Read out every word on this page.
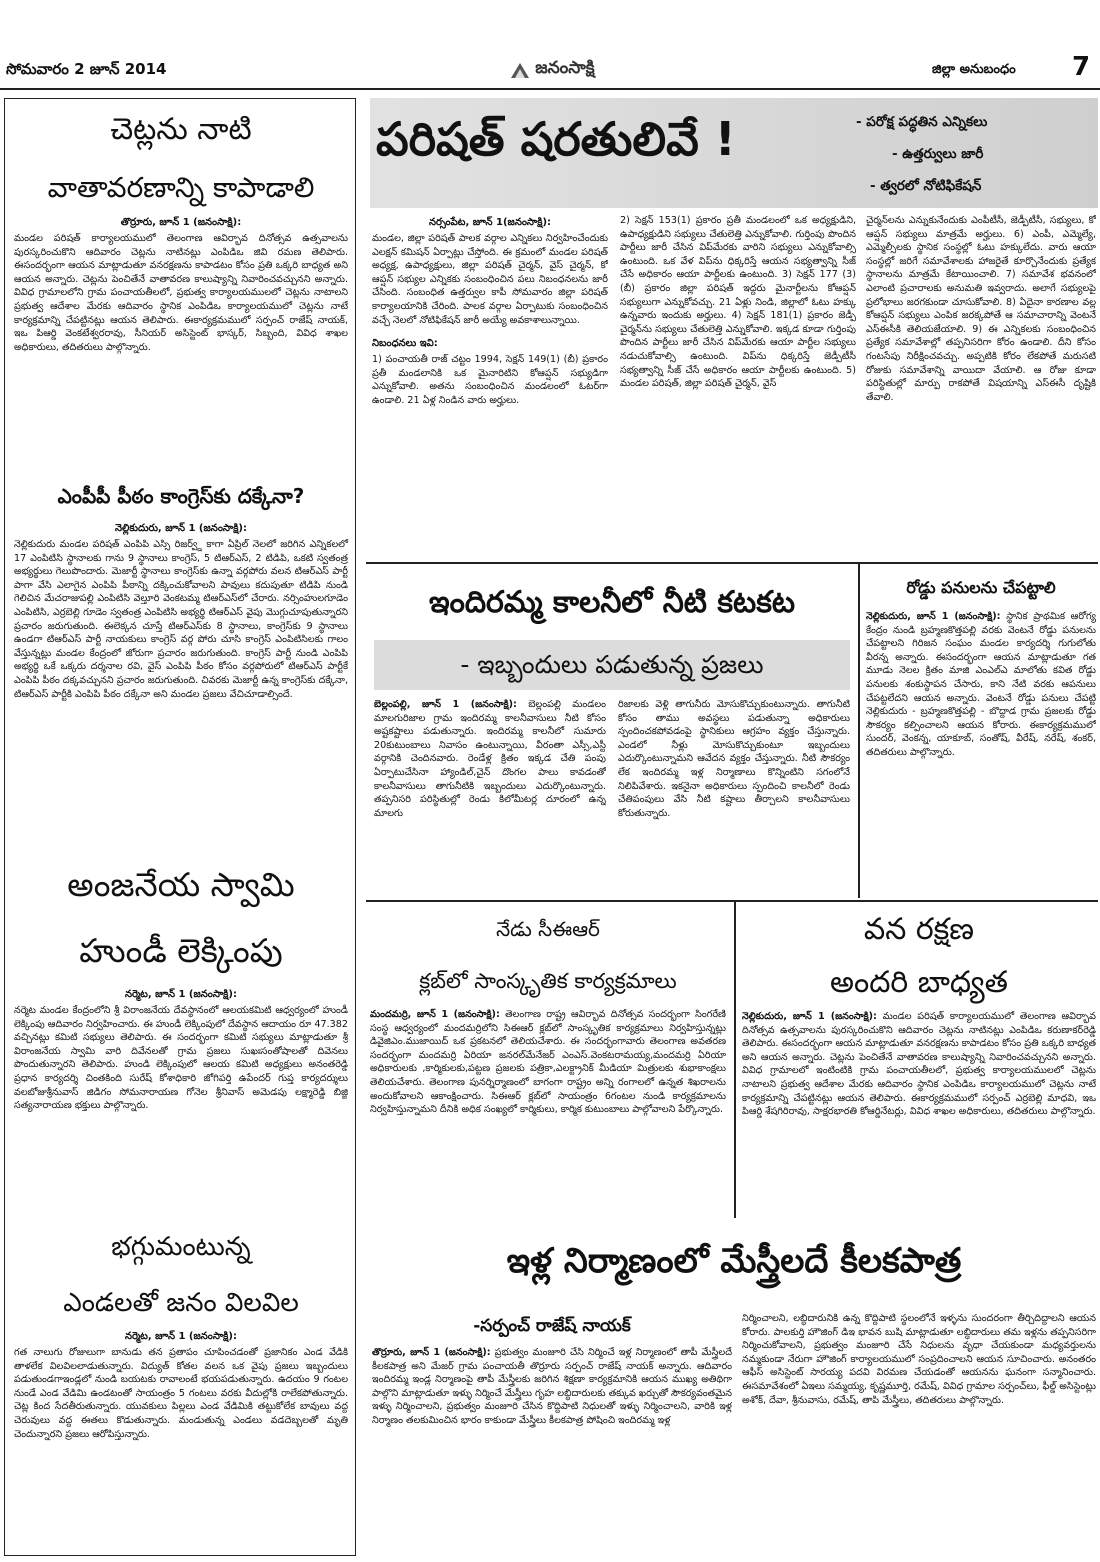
సోమవారం 2 జూన్ 2014	జనంసాక్షి	జిల్లా అనుబంధం 7
చెట్లను నాటి
వాతావరణాన్ని కాపాడాలి
తొర్రూరు, జూన్ 1 (జనంసాక్షి):
మండల పరిషత్ కార్యాలయములో తెలంగాణ ఆవిర్భావ దినోత్సవ ఉత్సవాలను పురస్కరించుకొని ఆదివారం చెట్లను నాటినట్లు ఎంపిడిఒ జివి రమణ తెలిపారు. ఈసందర్భంగా ఆయన మాట్లాడుతూ వనరక్షణను కాపాడటం కోసం ప్రతి ఒక్కరి బాధ్యత అని ఆయన అన్నారు. చెట్లను పెంచితేనే వాతావరణ కాలుష్యాన్ని నివారించవచ్చునని అన్నారు. వివిధ గ్రామాలలోని గ్రామ పంచాయతీలలో, ప్రభుత్వ కార్యాలయములలో చెట్లను నాటాలని ప్రభుత్వ ఆదేశాల మేరకు ఆదివారం స్థానిక ఎంపిడిఒ కార్యాలయములో చెట్లను నాటే కార్యక్రమాన్ని చేపట్టినట్లు ఆయన తెలిపారు. ఈకార్యక్రమములో సర్పంచ్ రాజేష్ నాయక్, ఇఒ పిఆర్డి వెంకటేశ్వరరావు, సీనియర్ అసిస్టెంట్ భాస్కర్, సిబ్బంది, వివిధ శాఖల అధికారులు, తదితరులు పాల్గొన్నారు.
ఎంపీపీ పీఠం కాంగ్రెస్‌కు దక్కేనా?
నెల్లికుదురు, జూన్ 1 (జనంసాక్షి):
నెల్లికుదురు మండల పరిషత్ ఎంపిపి ఎస్సి రిజర్వ్డ్ కాగా ఏప్రిల్ నెలలో జరిగిన ఎన్నికలలో 17 ఎంపిటిసి స్థానాలకు గాను 9 స్థానాలు కాంగ్రెస్, 5 టిఆర్ఎస్, 2 టిడిపి, ఒకటి స్వతంత్ర అభ్యర్థులు గెలుపొందారు. మెజార్టీ స్థానాలు కాంగ్రెస్‌కు ఉన్నా వర్గపోరు వలన టిఆర్ఎస్ పార్టీ పాగా వేసి ఎలాగైన ఎంపిపి పీఠాన్ని దక్కించుకోవాలని పావులు కదుపుతూ టిడిపి నుండి గెలిచిన మేచరాజుపల్లి ఎంపిటిసి వెల్తూరి వెంకటమ్మ టిఆర్ఎస్‌లో చేరారు. నర్సింహులగూడెం ఎంపిటిసి, ఎర్రబెల్లి గూడెం స్వతంత్ర ఎంపిటిసి అభ్యర్థి టిఆర్ఎస్ వైపు మొగ్గుచూపుతున్నారని ప్రచారం జరుగుతుంది. ఈలెక్కన చూస్తే టిఆర్ఎస్‌కు 8 స్థానాలు, కాంగ్రెస్‌కు 9 స్థానాలు ఉండగా టిఆర్ఎస్ పార్టీ నాయకులు కాంగ్రెస్ వర్గ పోరు చూసి కాంగ్రెస్ ఎంపిటిసిలకు గాలం వేస్తున్నట్లు మండల కేంద్రంలో జోరుగా ప్రచారం జరుగుతుంది. కాంగ్రెస్ పార్టీ నుండి ఎంపిపి అభ్యర్థి ఒకే ఒక్కరు దర్శనాల రవి, వైస్ ఎంపిపి పీఠం కోసం వర్గపోరులో టిఆర్ఎస్ పార్టీకే ఎంపిపి పీఠం దక్కవచ్చునని ప్రచారం జరుగుతుంది. చివరకు మెజార్టీ ఉన్న కాంగ్రెస్‌కు దక్కేనా, టిఆర్ఎస్ పార్టీకి ఎంపిపి పీఠం దక్కేనా అని మండల ప్రజలు వేచిచూడాల్సిందే.
అంజనేయ స్వామి
హుండీ లెక్కింపు
నర్మెట, జూన్ 1 (జనంసాక్షి):
నర్మెట మండల కేంద్రంలోని శ్రీ విరాంజనేయ దేవస్థానంలో ఆలయకమిటి ఆధ్వర్యంలో హుండీ లెక్కింపు ఆదివారం నిర్వహించారు. ఈ హుండీ లెక్కింపులో దేవస్థాన ఆదాయం రూ 47.382 వచ్చినట్లు కమిటి సభ్యులు తెలిపారు. ఈ సందర్భంగా కమిటి సభ్యులు మాట్లాడుతూ శ్రీ విరాంజనేయ స్వామి వారి దివేనలతో గ్రామ ప్రజలు సుఖఃసంతోషాలతో దివెనలు పొందుతున్నారని తెలిపారు. హుండి లెక్కింపులో ఆలయ కమిటి అధ్యక్షులు అనంతరెడ్డి ప్రధాన కార్యదర్శి చింతకింది సురేష్ కోశాధికారి జోగిపర్తి ఉపేందర్ గుప్త కార్యదర్శులు వలబోజుశ్రీనువాస్ జిడిగం సోమనారాయణ గోనెల శ్రీనివాస్ అమెడపు లక్ష్మారెడ్డి బిజ్జి సత్యనారాయణ భక్తులు పాల్గొన్నారు.
భగ్గుమంటున్న
ఎండలతో జనం విలవిల
నర్మెట, జూన్ 1 (జనంసాక్షి):
గత నాలుగు రోజులుగా బానుడు తన ప్రతాపం చూపించడంతో ప్రజానికం ఎండ వేడికి తాళలేక విలవిలలాడుతున్నారు. విద్యుత్ కోతల వలన ఒక వైపు ప్రజలు ఇబ్బందులు పడుతుండగాఇండ్లలో నుండి బయటకు రావాలంటే భయపడుతున్నారు. ఉదయం 9 గంటల నుండే ఎండ వేడిమి ఉండటంతో సాయంత్రం 5 గంటలు వరకు వీదుల్లోకి రాలేకపోతున్నారు. చెట్ల కింద సేదతీరుతున్నారు. యువకులు పిల్లలు ఎండ వేడిమికి తట్టుకోలేక బావులు వద్ద చెరువులు వద్ద ఈతలు కొడుతున్నారు. మండుతున్న ఎండలు వడదెబ్బలతో మృతి చెందున్నారని ప్రజలు ఆరోపిస్తున్నారు.
పరిషత్ షరతులివే !	- పరోక్ష పద్ధతిన ఎన్నికలు
- ఉత్తర్వులు జారీ
- త్వరలో నోటిఫికేషన్
నర్సంపేట, జూన్ 1(జనంసాక్షి):
మండల, జిల్లా పరిషత్ పాలక వర్గాల ఎన్నికలు నిర్వహించేందుకు ఎలక్షన్ కమిషన్ ఏర్పాట్లు చేస్తోంది. ఈ క్రమంలో మండల పరిషత్ అధ్యక్ష, ఉపాధ్యక్షులు, జిల్లా పరిషత్ చైర్మన్, వైస్ చైర్మన్, కో ఆప్షన్ సభ్యుల ఎన్నికకు సంబంధించిన పలు నిబంధనలను జారీ చేసింది. సంబంధిత ఉత్తర్వుల కాపీ సోమవారం జిల్లా పరిషత్ కార్యాలయానికి చేరింది. పాలక వర్గాల ఏర్పాటుకు సంబంధించిన వచ్చే నెలలో నోటిఫికేషన్ జారీ అయ్యే అవకాశాలున్నాయి.
నిబంధనలు ఇవి:
1) పంచాయతీ రాజ్ చట్టం 1994, సెక్షన్ 149(1) (బీ) ప్రకారం ప్రతీ మండలానికి ఒక మైనారిటిని కోఆప్షన్ సభ్యుడిగా ఎన్నుకోవాలి. అతను సంబంధించిన మండలంలో ఓటర్‌గా ఉండాలి. 21 ఏళ్ల నిండిన వారు అర్హులు.
2) సెక్షన్ 153(1) ప్రకారం ప్రతీ మండలంలో ఒక అధ్యక్షుడిని, ఉపాధ్యక్షుడిని సభ్యులు చేతులెత్తి ఎన్నుకోవాలి. గుర్తింపు పొందిన పార్టీలు జారీ చేసిన విప్‌మేరకు వారిని సభ్యులు ఎన్నుకోవాల్సి ఉంటుంది. ఒక వేళ విప్‌ను ధిక్కరిస్తే ఆయన సభ్యత్వాన్ని సీజ్ చేసే అధికారం ఆయా పార్టీలకు ఉంటుంది. 3) సెక్షన్ 177 (3) (బీ) ప్రకారం జిల్లా పరిషత్ ఇద్దరు మైనార్టీలను కోఆప్షన్ సభ్యులుగా ఎన్నుకోవచ్చు. 21 ఏళ్లు నిండి, జిల్లాలో ఓటు హక్కు ఉన్నవారు ఇందుకు అర్హులు. 4) సెక్షన్ 181(1) ప్రకారం జెడ్పీ చైర్మన్‌ను సభ్యులు చేతులెత్తి ఎన్నుకోవాలి. ఇక్కడ కూడా గుర్తింపు పొందిన పార్టీలు జారీ చేసిన విప్‌మేరకు ఆయా పార్టీల సభ్యులు నడుచుకోవాల్సి ఉంటుంది. విప్‌ను ధిక్కరిస్తే జెడ్పీటీసీ సభ్యత్వాన్ని సీజ్ చేసే అధికారం ఆయా పార్టీలకు ఉంటుంది. 5) మండల పరిషత్, జిల్లా పరిషత్ చైర్మన్, వైస్
చైర్మన్‌లను ఎన్నుకునేందుకు ఎంపీటీసీ, జెడ్పీటీసీ, సభ్యులు, కో ఆప్షన్ సభ్యులు మాత్రమే అర్హులు. 6) ఎంపీ, ఎమ్మెల్యే, ఎమ్మెల్సీలకు స్థానిక సంస్థల్లో ఓటు హక్కులేదు. వారు ఆయా సంస్థల్లో జరిగే సమావేశాలకు హాజరైతే కూర్చొనేందుకు ప్రత్యేక స్థానాలను మాత్రమే కేటాయించాలి. 7) సమావేశ భవనంలో ఎలాంటి ప్రచారాలకు అనుమతి ఇవ్వరాదు. అలాగే సభ్యులపై ప్రలోభాలు జరగకుండా చూసుకోవాలి. 8) ఏదైనా కారణాల వల్ల కోఆప్షన్ సభ్యులు ఎంపిక జరక్కపోతే ఆ సమాచారాన్ని వెంటనే ఎస్ఈసీకి తెలియజేయాలి. 9) ఈ ఎన్నికలకు సంబంధించిన ప్రత్యేక సమావేశాల్లో తప్పనిసరిగా కోరం ఉండాలి. దీని కోసం గంటసేపు నిరీక్షించవచ్చు. అప్పటికి కోరం లేకపోతే మరుసటి రోజుకు సమావేశాన్ని వాయిదా వేయాలి. ఆ రోజు కూడా పరిస్థితుల్లో మార్పు రాకపోతే విషయాన్ని ఎస్ఈసీ దృష్టికి తేవాలి.
ఇందిరమ్మ కాలనీలో నీటి కటకట
- ఇబ్బందులు పడుతున్న ప్రజలు
బెల్లంపల్లి, జూన్ 1 (జనంసాక్షి): బెల్లంపల్లి మండలం మాలగురిజాల గ్రామ ఇందిరమ్మ కాలనీవాసులు నీటి కోసం అష్టకష్టాలు పడుతున్నారు. ఇందిరమ్మ కాలనీలో సుమారు 20కుటుంబాలు నివాసం ఉంటున్నాయి, వీరంతా ఎస్సీ,ఎస్టీ వర్గానికి చెందినవారు. రెండేళ్ల క్రితం ఇక్కడ చేతి పంపు ఏర్పాటుచేసినా హ్యాండిల్,చైన్ దొంగల పాలు కావడంతో కాలనీవాసులు తాగునీటికి ఇబ్బందులు ఎదుర్కొంటున్నారు. తప్పనిసరి పరిస్థితుల్లో రెండు కిలోమీటర్ల దూరంలో ఉన్న మాలగు
రిజాలకు వెళ్లి తాగునీరు మోసుకొచ్చుకుంటున్నారు. తాగునీటి కోసం తాము అవస్థలు పడుతున్నా అధికారులు స్పందించకపోవడంపై స్థానికులు ఆగ్రహం వ్యక్తం చేస్తున్నారు. ఎండలో నీళ్లు మోసుకొచ్చుకుంటూ ఇబ్బందులు ఎదుర్కొంటున్నామని ఆవేదన వ్యక్తం చేస్తున్నారు. నీటి సౌకర్యం లేక ఇందిరమ్మ ఇళ్ల నిర్మాణాలు కొన్నింటిని సగంలోనే నిలిపివేశారు. ఇకనైనా అధికారులు స్పందించి కాలనీలో రెండు చేతిపంపులు వేసి నీటి కష్టాలు తీర్చాలని కాలనీవాసులు కోరుతున్నారు.
రోడ్డు పనులను చేపట్టాలి
నెల్లికుదురు, జూన్ 1 (జనంసాక్షి): స్థానిక ప్రాథమిక ఆరోగ్య కేంద్రం నుండి బ్రహ్మణకొత్తపల్లి వరకు వెంటనే రోడ్డు పనులను చేపట్టాలని గిరిజన సంఘం మండల కార్యదర్శి గుగులోతు వీరన్న అన్నారు. ఈసందర్భంగా ఆయన మాట్లాడుతూ గత మూడు నెలల క్రితం మాజి ఎంఎల్ఎ మాలోతు కవిత రోడ్డు పనులకు శంకుస్థాపన చేసారు, కాని నేటి వరకు ఆపనులు చేపట్టలేదని ఆయన అన్నారు. వెంటనే రోడ్డు పనులు చేపట్టి నెల్లికుదురు - బ్రహ్మణకొత్తపల్లి - బొద్దాడ గ్రామ ప్రజలకు రోడ్డు సౌకర్యం కల్పించాలని ఆయన కోరారు. ఈకార్యక్రమములో సుందర్, వెంకన్న, యాకూబ్, సంతోష్, వీరేష్, నరేష్, శంకర్, తదితరులు పాల్గొన్నారు.
నేడు సీఈఆర్
క్లబ్‌లో సాంస్కృతిక కార్యక్రమాలు
మందమర్రి, జూన్ 1 (జనంసాక్షి): తెలంగాణ రాష్ట్ర ఆవిర్భావ దినోత్సవ సందర్భంగా సింగరేణి సంస్థ ఆధ్వర్యంలో మందమర్రిలోని సిఈఆర్ క్లబ్‌లో సాంస్కృతిక కార్యక్రమాలు నిర్వహిస్తున్నట్లు డివైజిఎం.ముజాయిద్ ఒక ప్రకటనలో తెలియచేశారు. ఈ సందర్భంగావారు తెలంగాణ అవతరణ సందర్భంగా మందమర్రి ఏరియా జనరల్‌మేనేజర్ ఎంఎస్.వెంకటరామయ్య,మందమర్రి ఏరియా అధికారులకు ,కార్మికులకు,పట్టణ ప్రజలకు పత్రికా,ఎలక్ట్రానిక్ మీడియా మిత్రులకు శుభాకాంక్షలు తెలియచేశారు. తెలంగాణ పునర్నిర్మాణంలో బాగంగా రాష్ట్రం అన్ని రంగాలలో ఉన్నత శిఖరాలను అందుకోవాలని ఆకాంక్షించారు. సిఈఆర్ క్లబ్‌లో సాయంత్రం 6గంటల నుండి కార్యక్రమాలను నిర్వహిస్తున్నామని దీనికి అధిక సంఖ్యలో కార్మికులు, కార్మిక కుటుంబాలు పాల్గోవాలని పేర్కొన్నారు.
వన రక్షణ
అందరి బాధ్యత
నెల్లికుదురు, జూన్ 1 (జనంసాక్షి): మండల పరిషత్ కార్యాలయములో తెలంగాణ ఆవిర్భావ దినోత్సవ ఉత్సవాలను పురస్కరించుకొని ఆదివారం చెట్లను నాటినట్లు ఎంపిడిఒ కరుణాకర్‌రెడ్డి తెలిపారు. ఈసందర్భంగా ఆయన మాట్లాడుతూ వనరక్షణను కాపాడటం కోసం ప్రతి ఒక్కరి బాధ్యత అని ఆయన అన్నారు. చెట్లను పెంచితేనే వాతావరణ కాలుష్యాన్ని నివారించవచ్చునని అన్నారు. వివిధ గ్రామాలలో ఇంటింటికి గ్రామ పంచాయతీలలో, ప్రభుత్వ కార్యాలయములలో చెట్లను నాటాలని ప్రభుత్వ ఆదేశాల మేరకు ఆదివారం స్థానిక ఎంపిడిఒ కార్యాలయములో చెట్లను నాటే కార్యక్రమాన్ని చేపట్టినట్లు ఆయన తెలిపారు. ఈకార్యక్రమములో సర్పంచ్ ఎర్రబెల్లి మాధవి, ఇఒ పిఆర్డి శేషగిరిరావు, సాక్షరభారతి కోఆర్డినేటర్లు, వివిధ శాఖల అధికారులు, తదితరులు పాల్గొన్నారు.
ఇళ్ల నిర్మాణంలో మేస్త్రీలదే కీలకపాత్ర
-సర్పంచ్ రాజేష్ నాయక్
తొర్రూరు, జూన్ 1 (జనంసాక్షి): ప్రభుత్వం మంజూరి చేసి నిర్మించే ఇళ్ల నిర్మాణంలో తాపీ మేస్త్రీలదే కీలకపాత్ర అని మేజర్ గ్రామ పంచాయతీ తొర్రూరు సర్పంచ్ రాజేష్ నాయక్ అన్నారు. ఆదివారం ఇందిరమ్మ ఇండ్ల నిర్మాణంపై తాపీ మేస్త్రీలకు జరిగిన శిక్షణా కార్యక్రమానికి ఆయన ముఖ్య అతిథిగా పాల్గొని మాట్లాడుతూ ఇళ్ళు నిర్మించే మేస్త్రీలు గృహ లబ్ధిదారులకు తక్కువ ఖర్చుతో సౌకర్యవంతమైన ఇళ్ళు నిర్మించాలని, ప్రభుత్వం మంజూరి చేసిన కొద్దిపాటి నిధులతో ఇళ్ళు నిర్మించాలని, వారికి ఇళ్ల నిర్మాణం తలకుమించిన భారం కాకుండా మేస్త్రీలు కీలకపాత్ర పోషించి ఇందిరమ్మ ఇళ్ల
నిర్మించాలని, లబ్ధిదారునికి ఉన్న కొద్దిపాటి స్థలంలోనే ఇళ్ళను సుందరంగా తీర్చిదిద్దాలని ఆయన కోరారు. పాలకుర్తి హౌజింగ్ డిఇ భావన బుషి మాట్లాడుతూ లబ్ధిదారులు తమ ఇళ్లను తప్పనిసరిగా నిర్మించుకోవాలని, ప్రభుత్వం మంజూరి చేసే నిధులను వృధా చేయకుండా మధ్యవర్తులను నమ్మకుండా నేరుగా హౌజింగ్ కార్యాలయములో సంప్రదించాలని ఆయన సూచించారు. అనంతరం ఆఫీస్ అసిస్టెంట్ సారయ్య పదవి విరమణ చేయడంతో ఆయనను ఘనంగా సన్మానించారు. ఈసమావేశంలో ఏఇలు సమ్మయ్య, కృష్ణమూర్తి, రమేష్, వివిధ గ్రామాల సర్పంచ్‌లు, ఫీల్డ్ అసిస్టెంట్లు అశోక్, దేవా, శ్రీనువాసు, రమేష్, తాపి మేస్త్రీలు, తదితరులు పాల్గొన్నారు.
